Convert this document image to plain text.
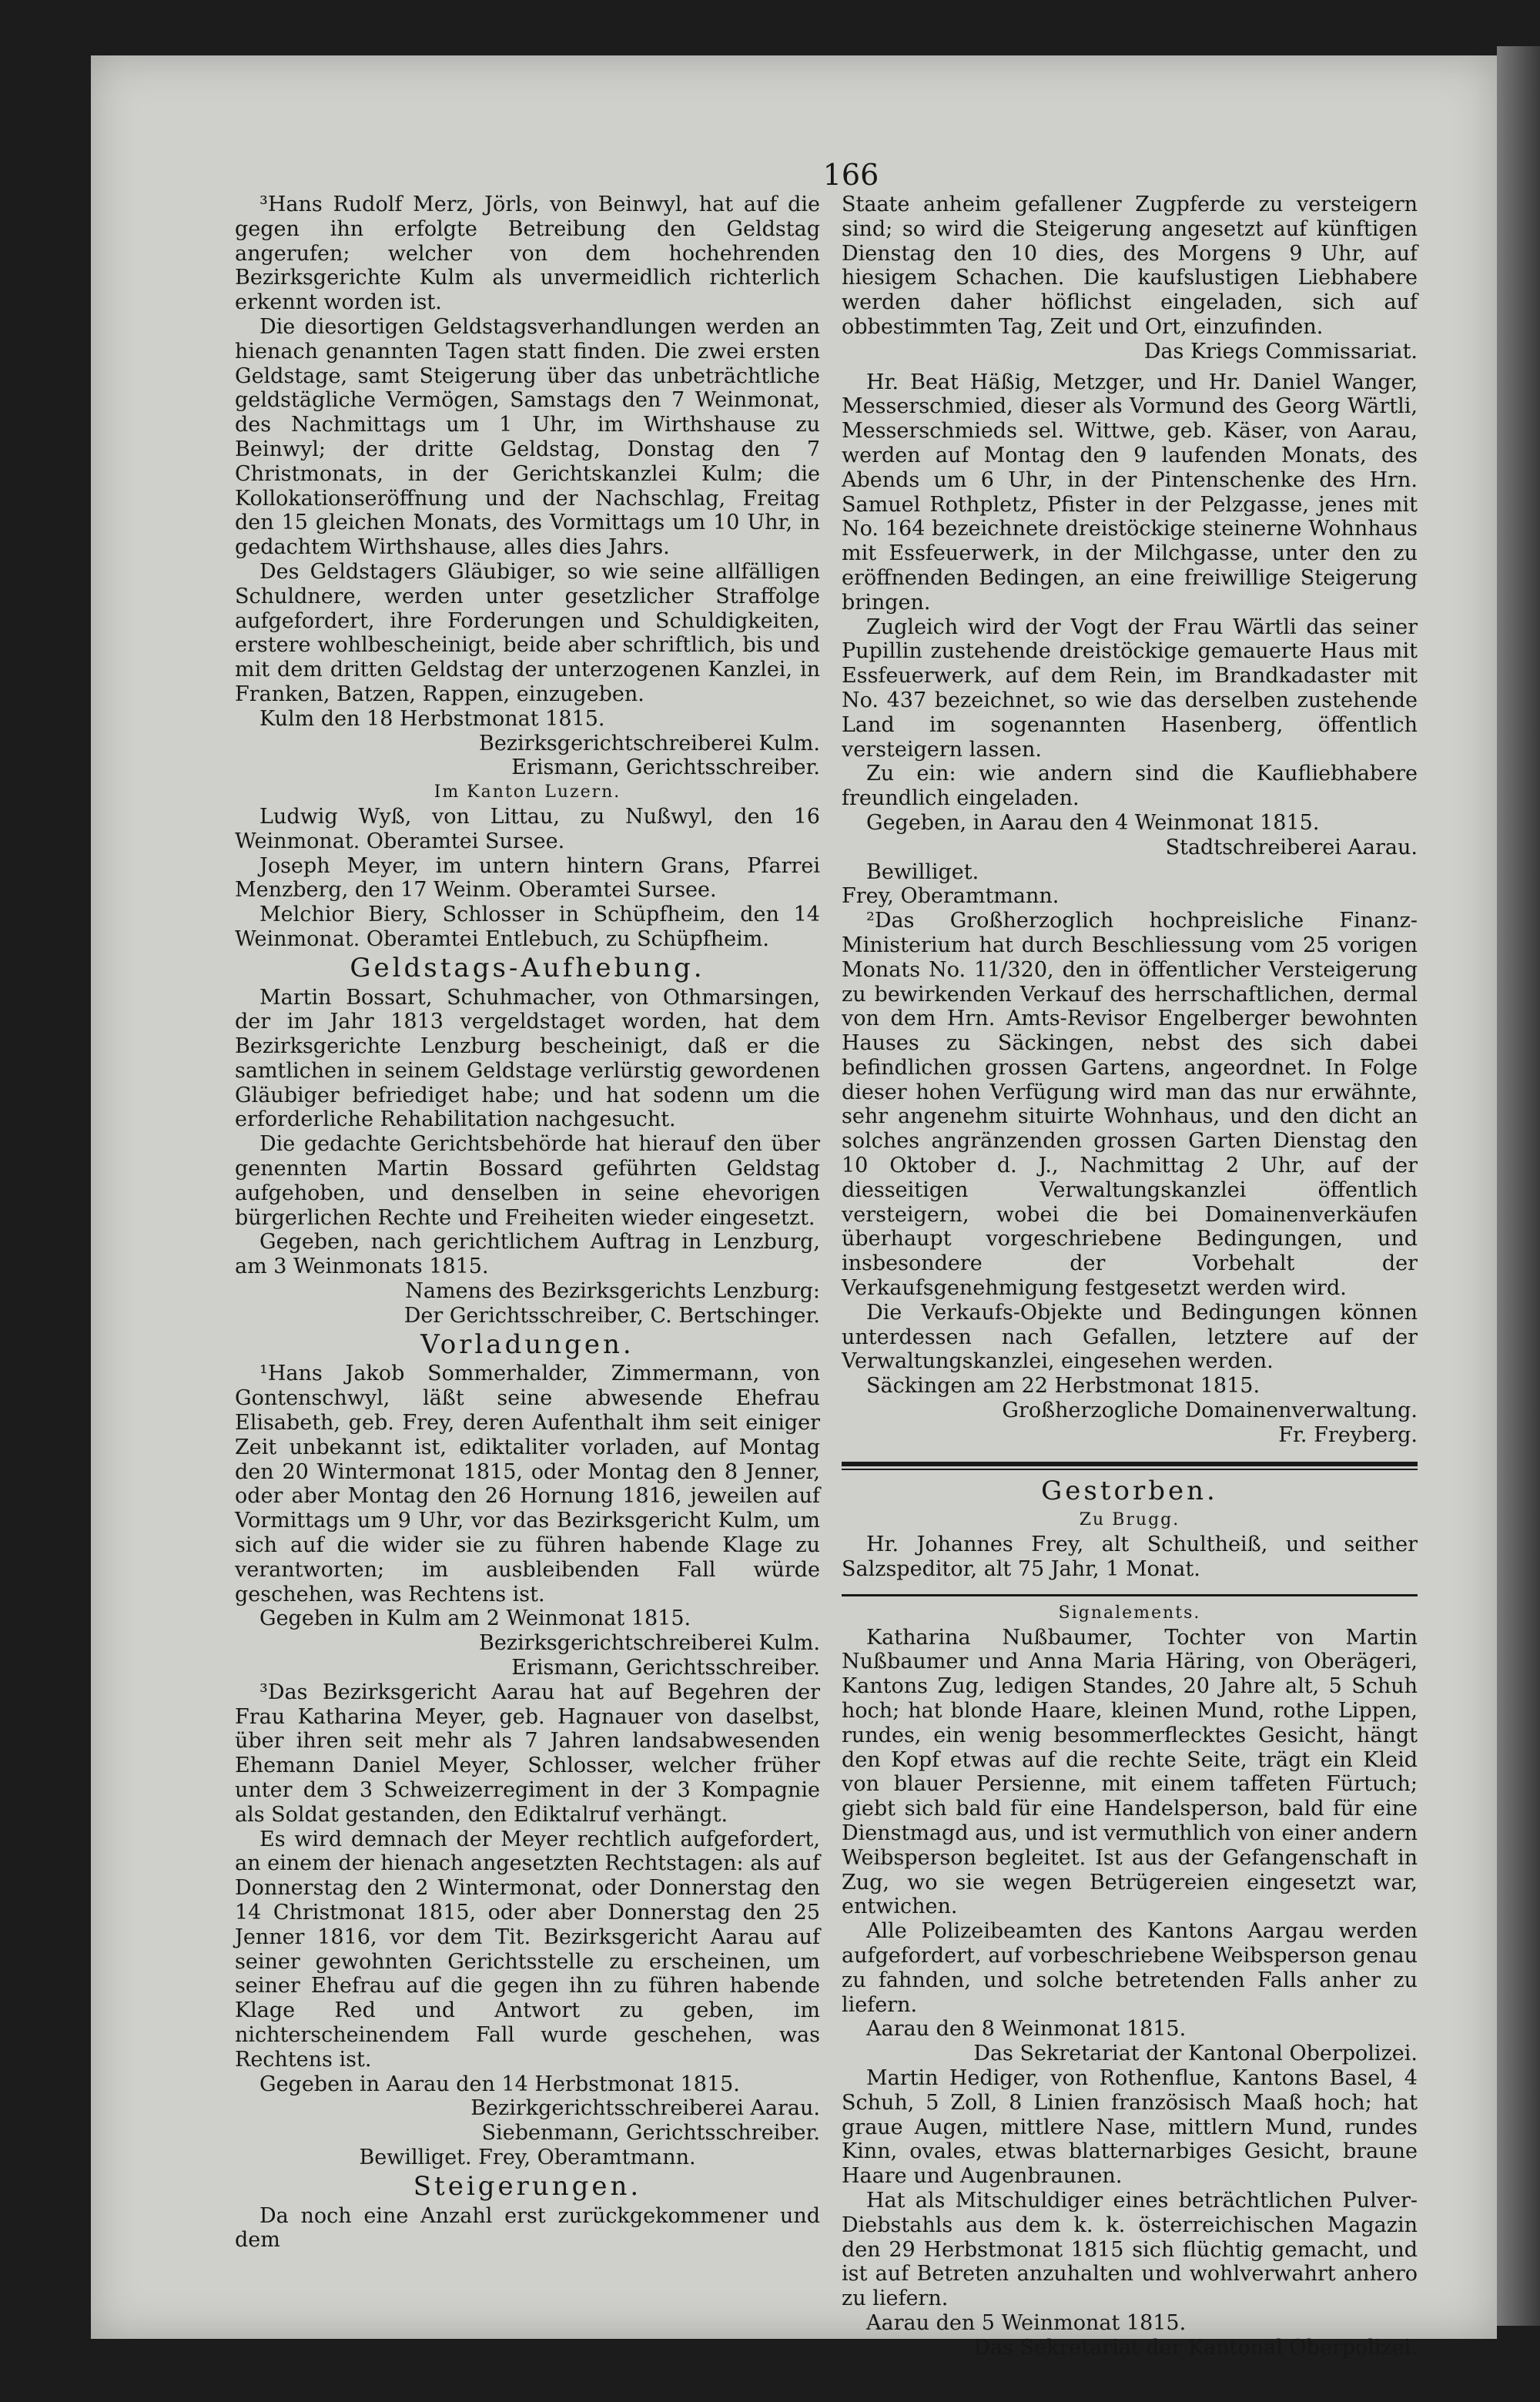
166

³Hans Rudolf Merz, Jörls, von Beinwyl, hat auf die gegen ihn erfolgte Betreibung den Geldstag angerufen; welcher von dem hochehrenden Bezirksgerichte Kulm als unvermeidlich richterlich erkennt worden ist.

Die diesortigen Geldstagsverhandlungen werden an hienach genannten Tagen statt finden. Die zwei ersten Geldstage, samt Steigerung über das unbeträchtliche geldstägliche Vermögen, Samstags den 7 Weinmonat, des Nachmittags um 1 Uhr, im Wirthshause zu Beinwyl; der dritte Geldstag, Donstag den 7 Christmonats, in der Gerichtskanzlei Kulm; die Kollokationseröffnung und der Nachschlag, Freitag den 15 gleichen Monats, des Vormittags um 10 Uhr, in gedachtem Wirthshause, alles dies Jahrs.

Des Geldstagers Gläubiger, so wie seine allfälligen Schuldnere, werden unter gesetzlicher Straffolge aufgefordert, ihre Forderungen und Schuldigkeiten, erstere wohlbescheinigt, beide aber schriftlich, bis und mit dem dritten Geldstag der unterzogenen Kanzlei, in Franken, Batzen, Rappen, einzugeben.

Kulm den 18 Herbstmonat 1815.

Bezirksgerichtschreiberei Kulm.

Erismann, Gerichtsschreiber.

Im Kanton Luzern.

Ludwig Wyß, von Littau, zu Nußwyl, den 16 Weinmonat. Oberamtei Sursee.

Joseph Meyer, im untern hintern Grans, Pfarrei Menzberg, den 17 Weinm. Oberamtei Sursee.

Melchior Biery, Schlosser in Schüpfheim, den 14 Weinmonat. Oberamtei Entlebuch, zu Schüpfheim.

Geldstags-Aufhebung.

Martin Bossart, Schuhmacher, von Othmarsingen, der im Jahr 1813 vergeldstaget worden, hat dem Bezirksgerichte Lenzburg bescheinigt, daß er die samtlichen in seinem Geldstage verlürstig gewordenen Gläubiger befriediget habe; und hat sodenn um die erforderliche Rehabilitation nachgesucht.

Die gedachte Gerichtsbehörde hat hierauf den über genennten Martin Bossard geführten Geldstag aufgehoben, und denselben in seine ehevorigen bürgerlichen Rechte und Freiheiten wieder eingesetzt.

Gegeben, nach gerichtlichem Auftrag in Lenzburg, am 3 Weinmonats 1815.

Namens des Bezirksgerichts Lenzburg:

Der Gerichtsschreiber, C. Bertschinger.

Vorladungen.

¹Hans Jakob Sommerhalder, Zimmermann, von Gontenschwyl, läßt seine abwesende Ehefrau Elisabeth, geb. Frey, deren Aufenthalt ihm seit einiger Zeit unbekannt ist, ediktaliter vorladen, auf Montag den 20 Wintermonat 1815, oder Montag den 8 Jenner, oder aber Montag den 26 Hornung 1816, jeweilen auf Vormittags um 9 Uhr, vor das Bezirksgericht Kulm, um sich auf die wider sie zu führen habende Klage zu verantworten; im ausbleibenden Fall würde geschehen, was Rechtens ist.

Gegeben in Kulm am 2 Weinmonat 1815.

Bezirksgerichtschreiberei Kulm.

Erismann, Gerichtsschreiber.

³Das Bezirksgericht Aarau hat auf Begehren der Frau Katharina Meyer, geb. Hagnauer von daselbst, über ihren seit mehr als 7 Jahren landsabwesenden Ehemann Daniel Meyer, Schlosser, welcher früher unter dem 3 Schweizerregiment in der 3 Kompagnie als Soldat gestanden, den Ediktalruf verhängt.

Es wird demnach der Meyer rechtlich aufgefordert, an einem der hienach angesetzten Rechtstagen: als auf Donnerstag den 2 Wintermonat, oder Donnerstag den 14 Christmonat 1815, oder aber Donnerstag den 25 Jenner 1816, vor dem Tit. Bezirksgericht Aarau auf seiner gewohnten Gerichtsstelle zu erscheinen, um seiner Ehefrau auf die gegen ihn zu führen habende Klage Red und Antwort zu geben, im nichterscheinendem Fall wurde geschehen, was Rechtens ist.

Gegeben in Aarau den 14 Herbstmonat 1815.

Bezirkgerichtsschreiberei Aarau.

Siebenmann, Gerichtsschreiber.

Bewilliget. Frey, Oberamtmann.

Steigerungen.

Da noch eine Anzahl erst zurückgekommener und dem

Staate anheim gefallener Zugpferde zu versteigern sind; so wird die Steigerung angesetzt auf künftigen Dienstag den 10 dies, des Morgens 9 Uhr, auf hiesigem Schachen. Die kaufslustigen Liebhabere werden daher höflichst eingeladen, sich auf obbestimmten Tag, Zeit und Ort, einzufinden.

Das Kriegs Commissariat.

Hr. Beat Häßig, Metzger, und Hr. Daniel Wanger, Messerschmied, dieser als Vormund des Georg Wärtli, Messerschmieds sel. Wittwe, geb. Käser, von Aarau, werden auf Montag den 9 laufenden Monats, des Abends um 6 Uhr, in der Pintenschenke des Hrn. Samuel Rothpletz, Pfister in der Pelzgasse, jenes mit No. 164 bezeichnete dreistöckige steinerne Wohnhaus mit Essfeuerwerk, in der Milchgasse, unter den zu eröffnenden Bedingen, an eine freiwillige Steigerung bringen.

Zugleich wird der Vogt der Frau Wärtli das seiner Pupillin zustehende dreistöckige gemauerte Haus mit Essfeuerwerk, auf dem Rein, im Brandkadaster mit No. 437 bezeichnet, so wie das derselben zustehende Land im sogenannten Hasenberg, öffentlich versteigern lassen.

Zu ein: wie andern sind die Kaufliebhabere freundlich eingeladen.

Gegeben, in Aarau den 4 Weinmonat 1815.

Stadtschreiberei Aarau.

Bewilliget.

Frey, Oberamtmann.

²Das Großherzoglich hochpreisliche Finanz-Ministerium hat durch Beschliessung vom 25 vorigen Monats No. 11/320, den in öffentlicher Versteigerung zu bewirkenden Verkauf des herrschaftlichen, dermal von dem Hrn. Amts-Revisor Engelberger bewohnten Hauses zu Säckingen, nebst des sich dabei befindlichen grossen Gartens, angeordnet. In Folge dieser hohen Verfügung wird man das nur erwähnte, sehr angenehm situirte Wohnhaus, und den dicht an solches angränzenden grossen Garten Dienstag den 10 Oktober d. J., Nachmittag 2 Uhr, auf der diesseitigen Verwaltungskanzlei öffentlich versteigern, wobei die bei Domainenverkäufen überhaupt vorgeschriebene Bedingungen, und insbesondere der Vorbehalt der Verkaufsgenehmigung festgesetzt werden wird.

Die Verkaufs-Objekte und Bedingungen können unterdessen nach Gefallen, letztere auf der Verwaltungskanzlei, eingesehen werden.

Säckingen am 22 Herbstmonat 1815.

Großherzogliche Domainenverwaltung.

Fr. Freyberg.

Gestorben.

Zu Brugg.

Hr. Johannes Frey, alt Schultheiß, und seither Salzspeditor, alt 75 Jahr, 1 Monat.

Signalements.

Katharina Nußbaumer, Tochter von Martin Nußbaumer und Anna Maria Häring, von Oberägeri, Kantons Zug, ledigen Standes, 20 Jahre alt, 5 Schuh hoch; hat blonde Haare, kleinen Mund, rothe Lippen, rundes, ein wenig besommerflecktes Gesicht, hängt den Kopf etwas auf die rechte Seite, trägt ein Kleid von blauer Persienne, mit einem taffeten Fürtuch; giebt sich bald für eine Handelsperson, bald für eine Dienstmagd aus, und ist vermuthlich von einer andern Weibsperson begleitet. Ist aus der Gefangenschaft in Zug, wo sie wegen Betrügereien eingesetzt war, entwichen.

Alle Polizeibeamten des Kantons Aargau werden aufgefordert, auf vorbeschriebene Weibsperson genau zu fahnden, und solche betretenden Falls anher zu liefern.

Aarau den 8 Weinmonat 1815.

Das Sekretariat der Kantonal Oberpolizei.

Martin Hediger, von Rothenflue, Kantons Basel, 4 Schuh, 5 Zoll, 8 Linien französisch Maaß hoch; hat graue Augen, mittlere Nase, mittlern Mund, rundes Kinn, ovales, etwas blatternarbiges Gesicht, braune Haare und Augenbraunen.

Hat als Mitschuldiger eines beträchtlichen Pulver-Diebstahls aus dem k. k. österreichischen Magazin den 29 Herbstmonat 1815 sich flüchtig gemacht, und ist auf Betreten anzuhalten und wohlverwahrt anhero zu liefern.

Aarau den 5 Weinmonat 1815.

Das Sekretariat der Kantonal Oberpolizei.
